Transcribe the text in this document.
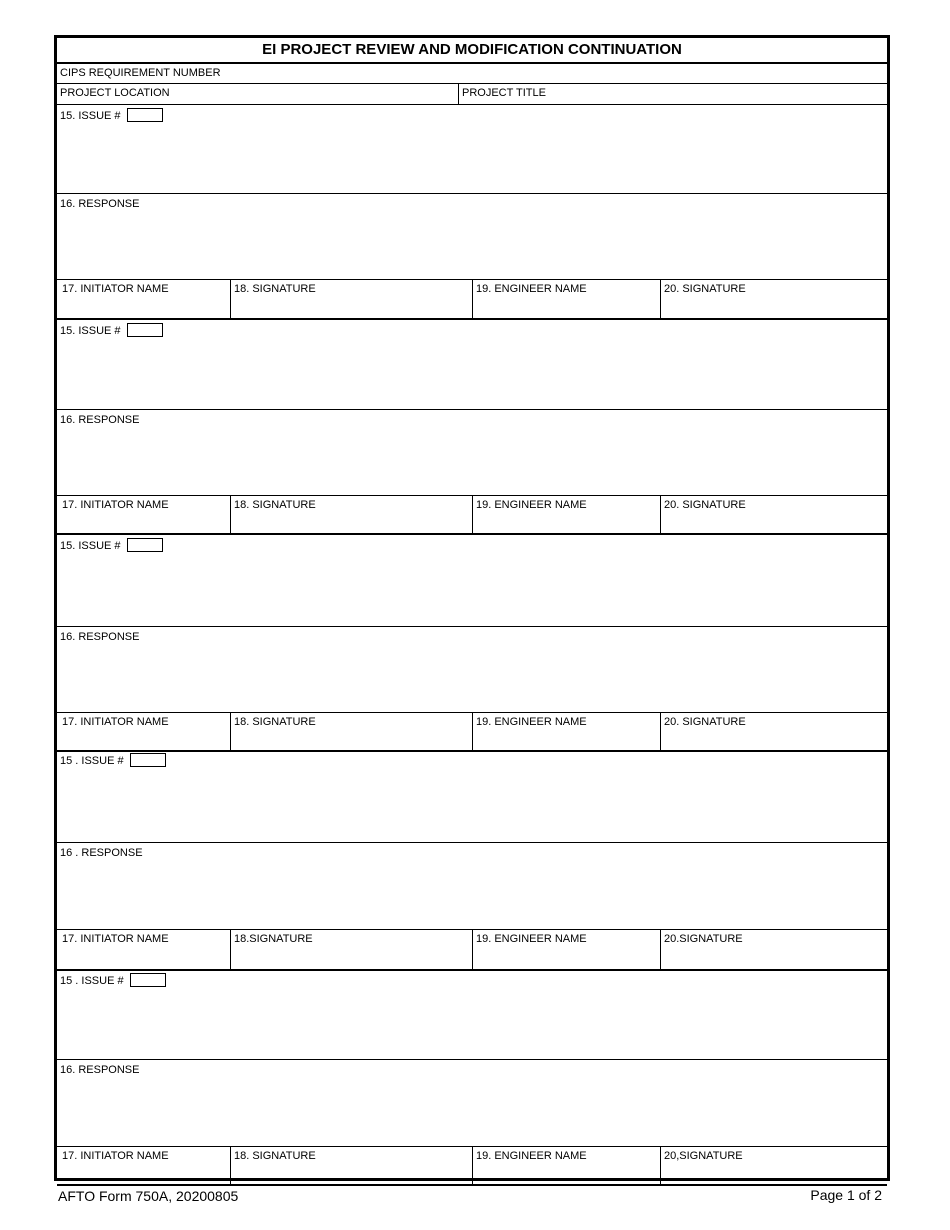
EI PROJECT REVIEW AND MODIFICATION CONTINUATION
CIPS REQUIREMENT NUMBER
PROJECT LOCATION	PROJECT TITLE
15. ISSUE #
16. RESPONSE
17. INITIATOR NAME	18. SIGNATURE	19. ENGINEER NAME	20. SIGNATURE
15. ISSUE #
16. RESPONSE
17. INITIATOR NAME	18. SIGNATURE	19. ENGINEER NAME	20. SIGNATURE
15. ISSUE #
16. RESPONSE
17. INITIATOR NAME	18. SIGNATURE	19. ENGINEER NAME	20. SIGNATURE
15 . ISSUE #
16 . RESPONSE
17. INITIATOR NAME	18.SIGNATURE	19. ENGINEER NAME	20.SIGNATURE
15 . ISSUE #
16. RESPONSE
17. INITIATOR NAME	18. SIGNATURE	19. ENGINEER NAME	20,SIGNATURE
AFTO Form 750A, 20200805	Page 1 of 2
